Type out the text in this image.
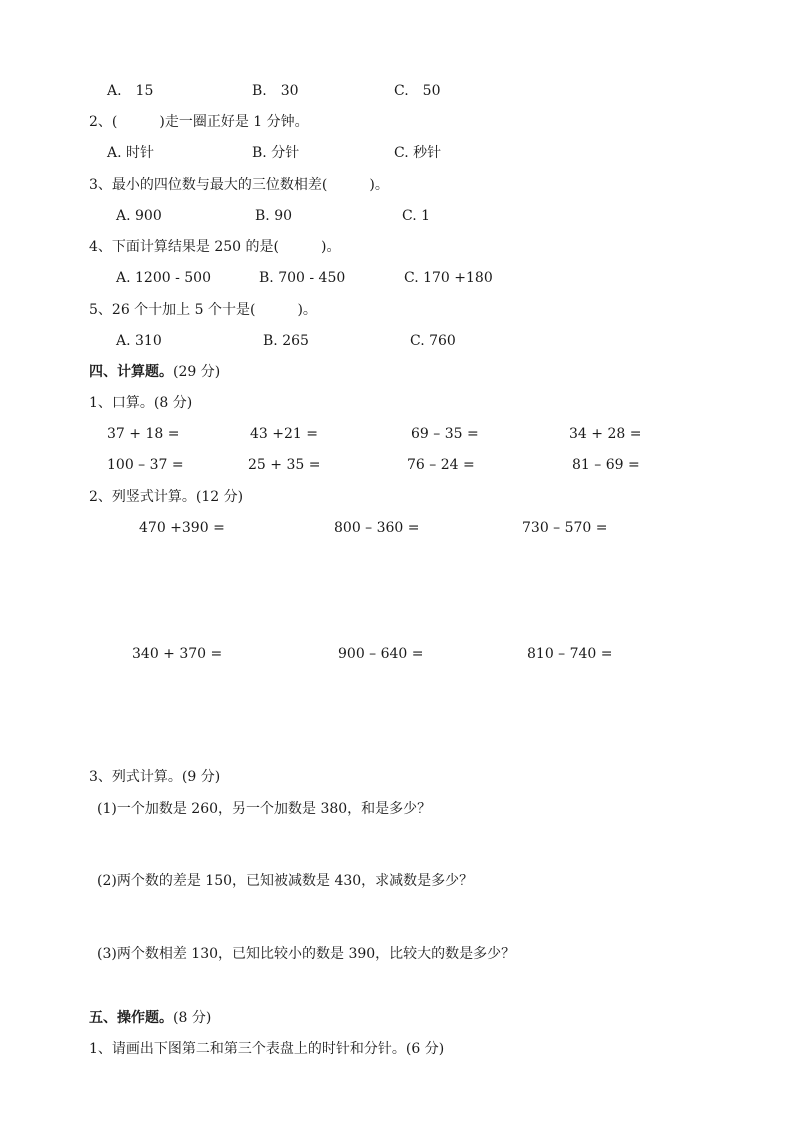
A.　15	B.　30	C.　50
2、(　　　)走一圈正好是 1 分钟。
A. 时针	B. 分针	C. 秒针
3、最小的四位数与最大的三位数相差(　　　)。
A. 900	B. 90	C. 1
4、下面计算结果是 250 的是(　　　)。
A. 1200 - 500	B. 700 - 450	C. 170 +180
5、26 个十加上 5 个十是(　　　)。
A. 310	B. 265	C. 760
四、计算题。(29 分)
1、口算。(8 分)
37 + 18 =	43 +21 =	69 – 35 =	34 + 28 =
100 – 37 =	25 + 35 =	76 – 24 =	81 – 69 =
2、列竖式计算。(12 分)
470 +390 =	800 – 360 =	730 – 570 =
340 + 370 =	900 – 640 =	810 – 740 =
3、列式计算。(9 分)
(1)一个加数是 260，另一个加数是 380，和是多少？
(2)两个数的差是 150，已知被减数是 430，求减数是多少？
(3)两个数相差 130，已知比较小的数是 390，比较大的数是多少？
五、操作题。(8 分)
1、请画出下图第二和第三个表盘上的时针和分针。(6 分)
